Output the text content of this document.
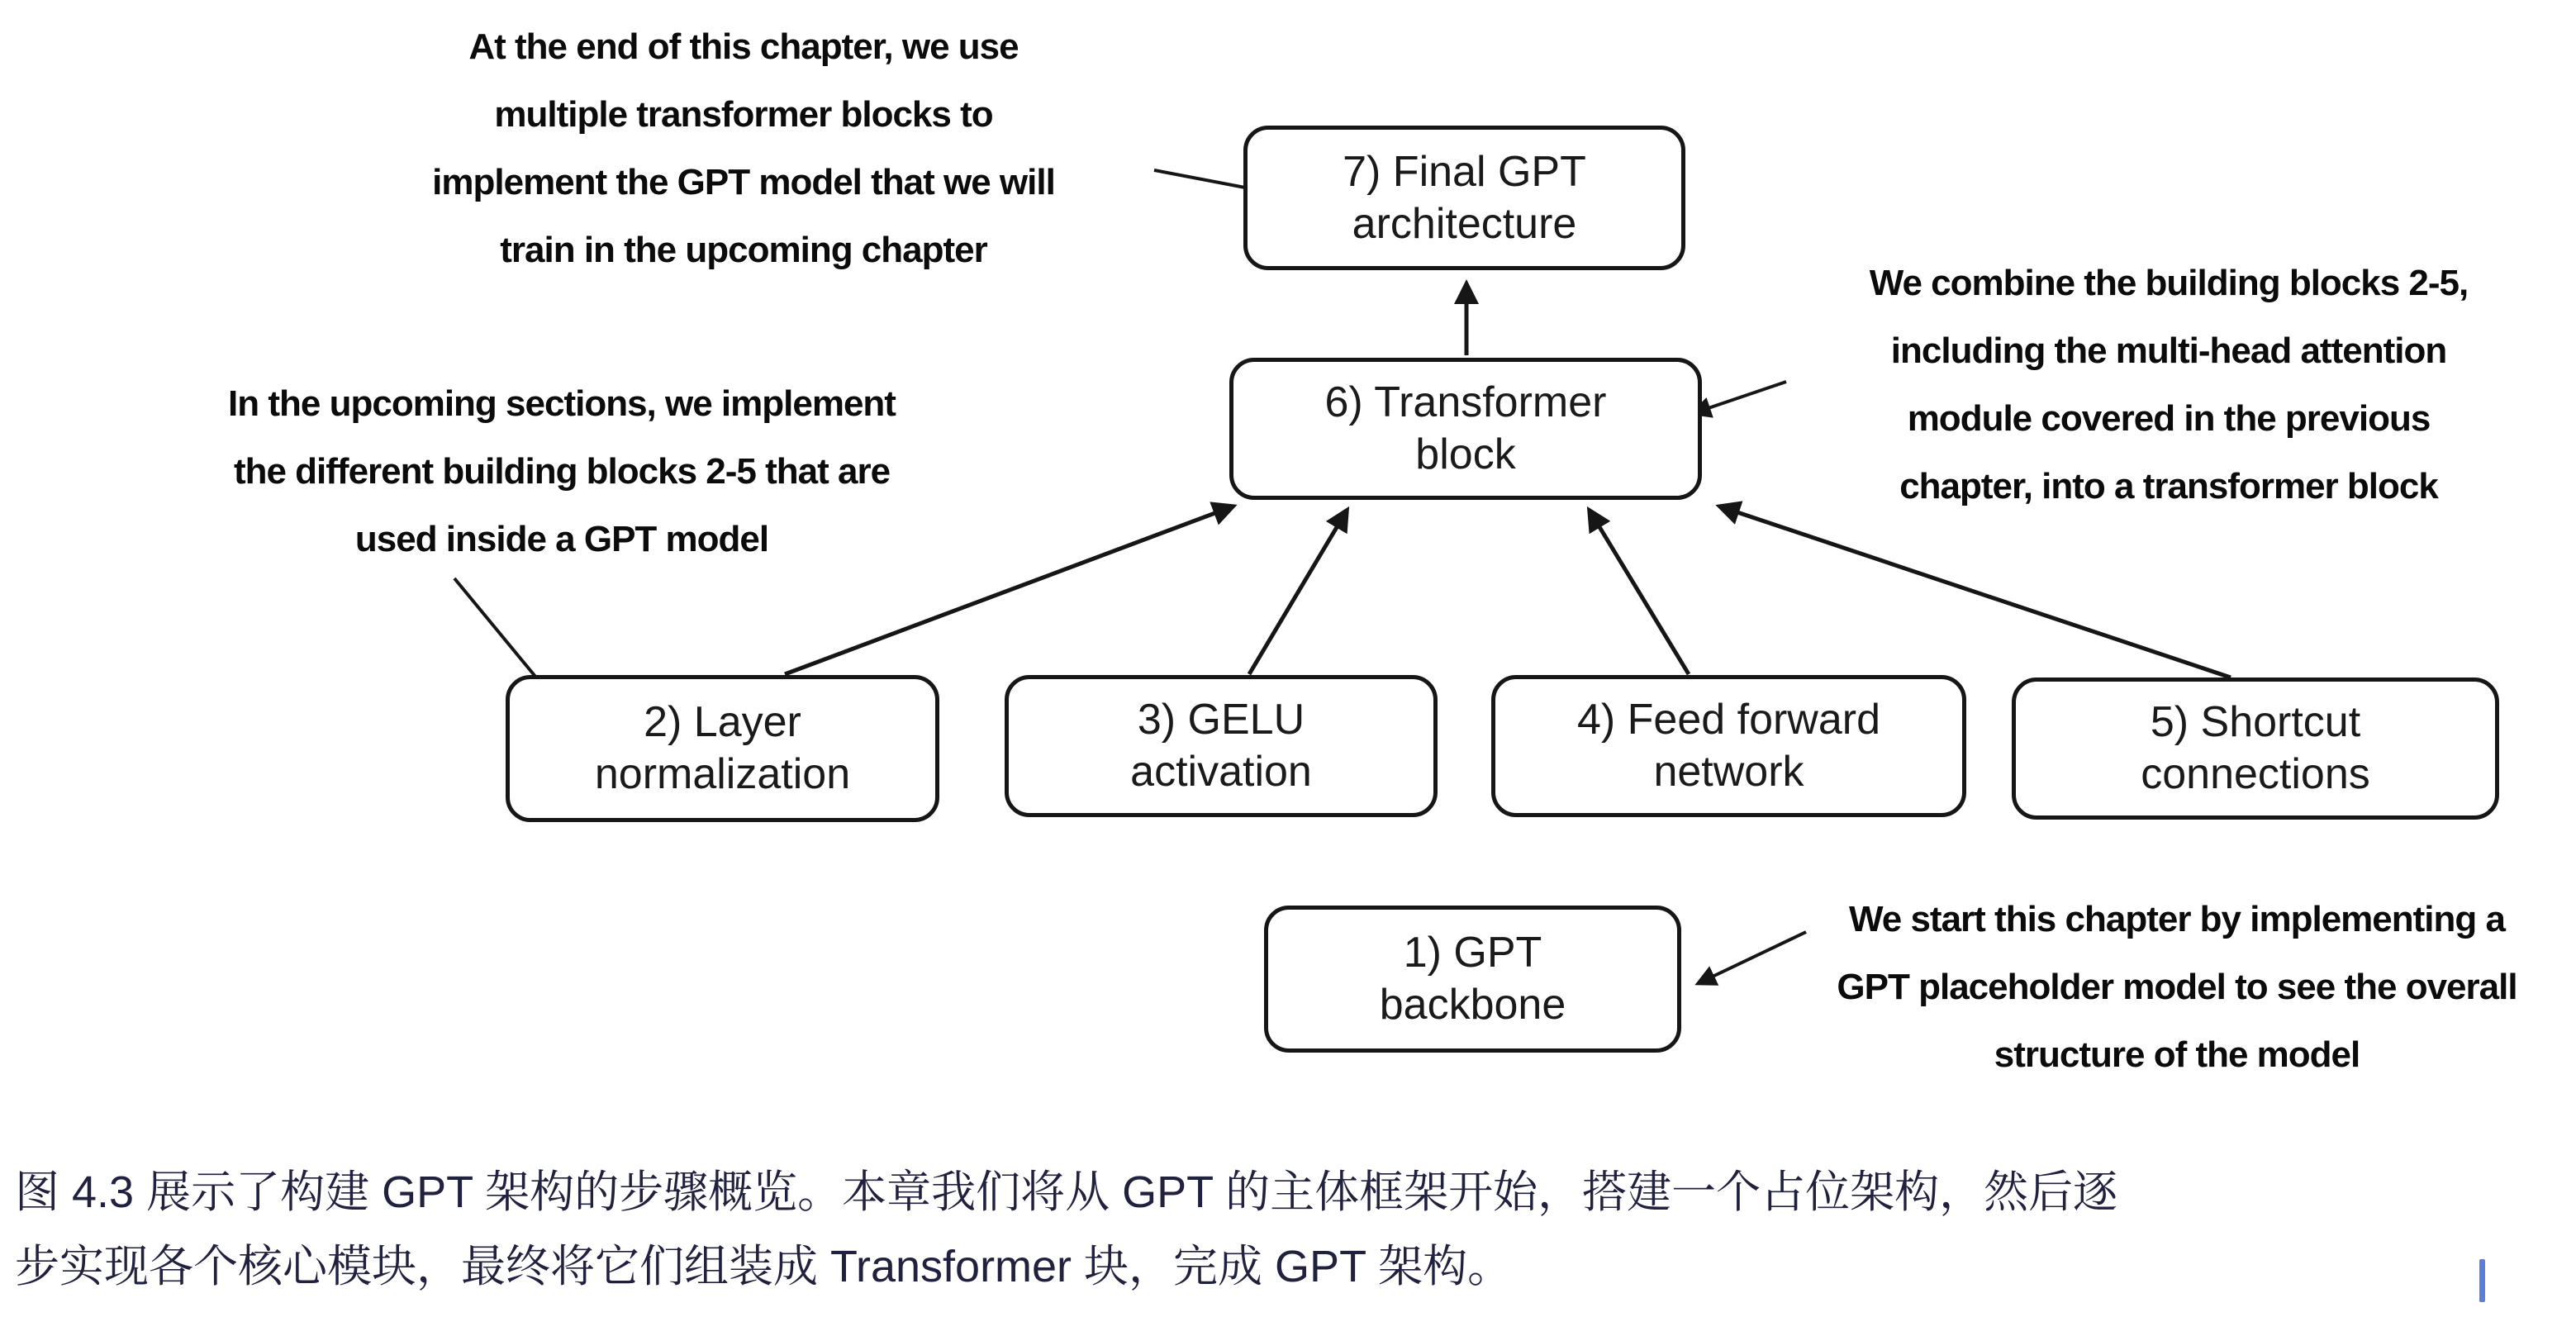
7) Final GPT
architecture
6) Transformer
block
2) Layer
normalization
3) GELU
activation
4) Feed forward
network
5) Shortcut
connections
1) GPT
backbone
At the end of this chapter, we use
multiple transformer blocks to
implement the GPT model that we will
train in the upcoming chapter
We combine the building blocks 2-5,
including the multi-head attention
module covered in the previous
chapter, into a transformer block
In the upcoming sections, we implement
the different building blocks 2-5 that are
used inside a GPT model
We start this chapter by implementing a
GPT placeholder model to see the overall
structure of the model
图 4.3 展示了构建 GPT 架构的步骤概览。本章我们将从 GPT 的主体框架开始，搭建一个占位架构，然后逐
步实现各个核心模块，最终将它们组装成 Transformer 块，完成 GPT 架构。
